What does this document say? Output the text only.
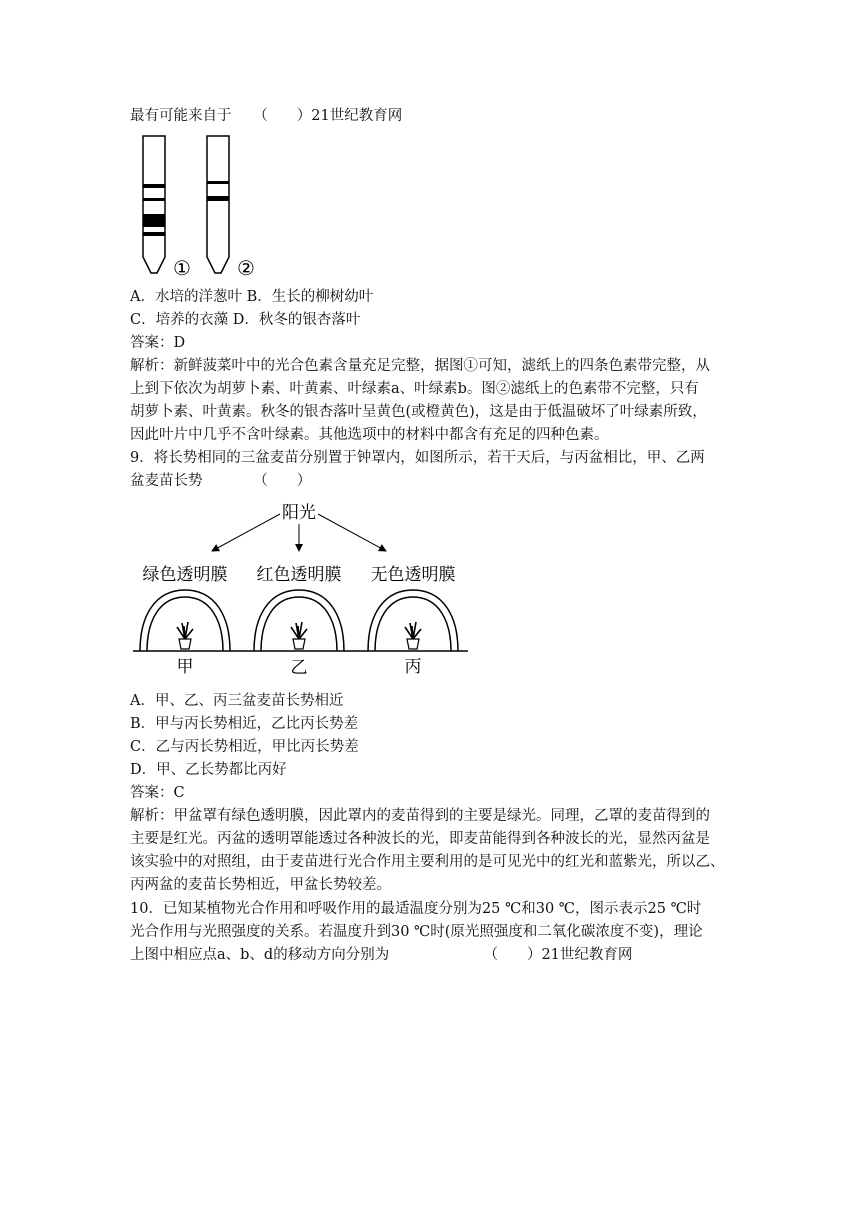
最有可能来自于　　（　　）21世纪教育网
① ②
A．水培的洋葱叶 B．生长的柳树幼叶
C．培养的衣藻 D．秋冬的银杏落叶
答案：D
解析：新鲜菠菜叶中的光合色素含量充足完整，据图①可知，滤纸上的四条色素带完整，从
上到下依次为胡萝卜素、叶黄素、叶绿素a、叶绿素b。图②滤纸上的色素带不完整，只有
胡萝卜素、叶黄素。秋冬的银杏落叶呈黄色(或橙黄色)，这是由于低温破坏了叶绿素所致，
因此叶片中几乎不含叶绿素。其他选项中的材料中都含有充足的四种色素。
9．将长势相同的三盆麦苗分别置于钟罩内，如图所示，若干天后，与丙盆相比，甲、乙两
盆麦苗长势　　　　（　　）
阳光
绿色透明膜 红色透明膜 无色透明膜
甲	乙	丙
A．甲、乙、丙三盆麦苗长势相近
B．甲与丙长势相近，乙比丙长势差
C．乙与丙长势相近，甲比丙长势差
D．甲、乙长势都比丙好
答案：C
解析：甲盆罩有绿色透明膜，因此罩内的麦苗得到的主要是绿光。同理，乙罩的麦苗得到的
主要是红光。丙盆的透明罩能透过各种波长的光，即麦苗能得到各种波长的光，显然丙盆是
该实验中的对照组，由于麦苗进行光合作用主要利用的是可见光中的红光和蓝紫光，所以乙、
丙两盆的麦苗长势相近，甲盆长势较差。
10．已知某植物光合作用和呼吸作用的最适温度分别为25 ℃和30 ℃，图示表示25 ℃时
光合作用与光照强度的关系。若温度升到30 ℃时(原光照强度和二氧化碳浓度不变)，理论
上图中相应点a、b、d的移动方向分别为　　　　　　　（　　）21世纪教育网
